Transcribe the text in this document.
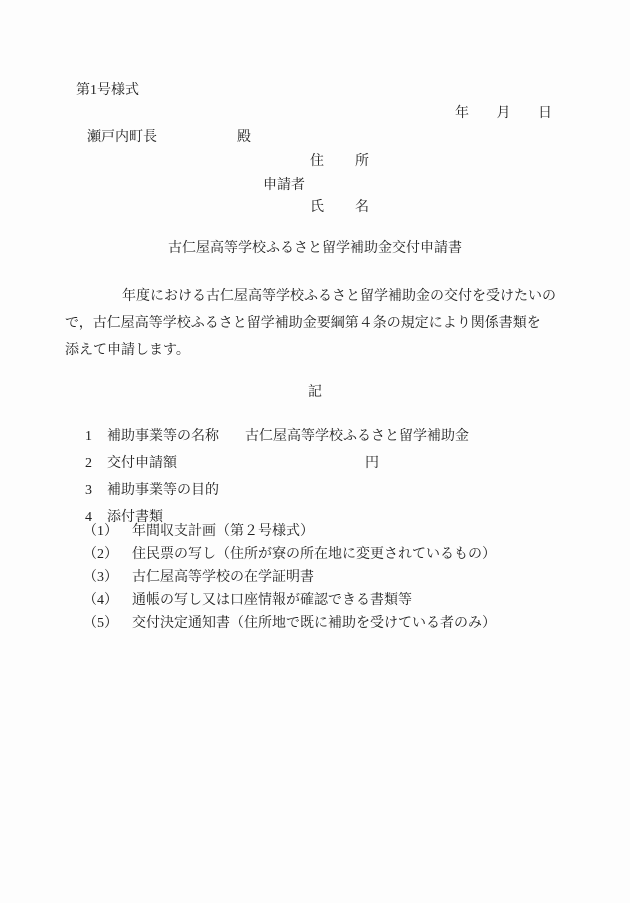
第1号様式
年 月 日
瀬戸内町長	殿
住 所
申請者
氏 名
古仁屋高等学校ふるさと留学補助金交付申請書
年度における古仁屋高等学校ふるさと留学補助金の交付を受けたいの
で，古仁屋高等学校ふるさと留学補助金要綱第４条の規定により関係書類を
添えて申請します。
記
1 補助事業等の名称 古仁屋高等学校ふるさと留学補助金
2 交付申請額	円
3 補助事業等の目的
4 添付書類
（1） 年間収支計画（第２号様式）
（2） 住民票の写し（住所が寮の所在地に変更されているもの）
（3） 古仁屋高等学校の在学証明書
（4） 通帳の写し又は口座情報が確認できる書類等
（5） 交付決定通知書（住所地で既に補助を受けている者のみ）
